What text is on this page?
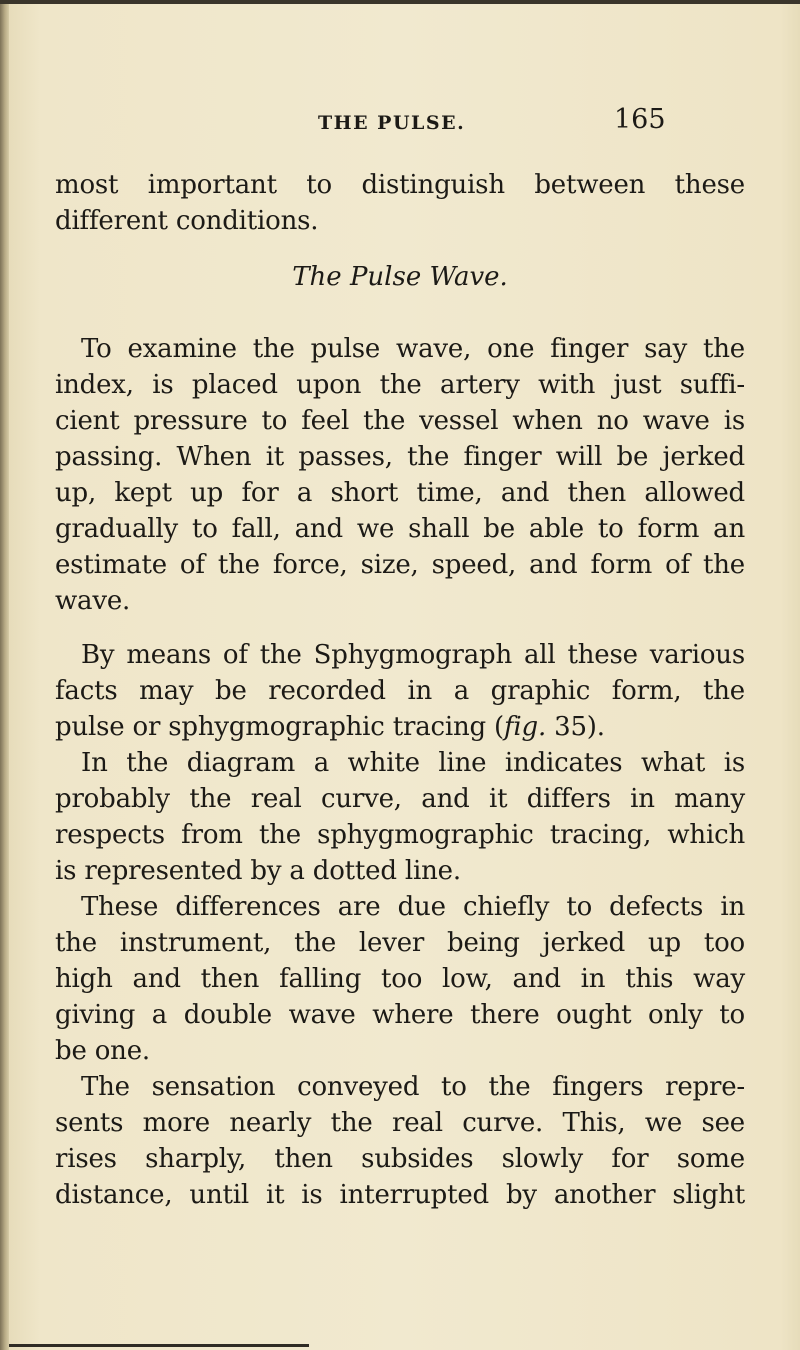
THE PULSE.	165
most important to distinguish between these
different conditions.
The Pulse Wave.
To examine the pulse wave, one finger say the
index, is placed upon the artery with just suffi-
cient pressure to feel the vessel when no wave is
passing. When it passes, the finger will be jerked
up, kept up for a short time, and then allowed
gradually to fall, and we shall be able to form an
estimate of the force, size, speed, and form of the
wave.
By means of the Sphygmograph all these various
facts may be recorded in a graphic form, the
pulse or sphygmographic tracing (fig. 35).
In the diagram a white line indicates what is
probably the real curve, and it differs in many
respects from the sphygmographic tracing, which
is represented by a dotted line.
These differences are due chiefly to defects in
the instrument, the lever being jerked up too
high and then falling too low, and in this way
giving a double wave where there ought only to
be one.
The sensation conveyed to the fingers repre-
sents more nearly the real curve. This, we see
rises sharply, then subsides slowly for some
distance, until it is interrupted by another slight
